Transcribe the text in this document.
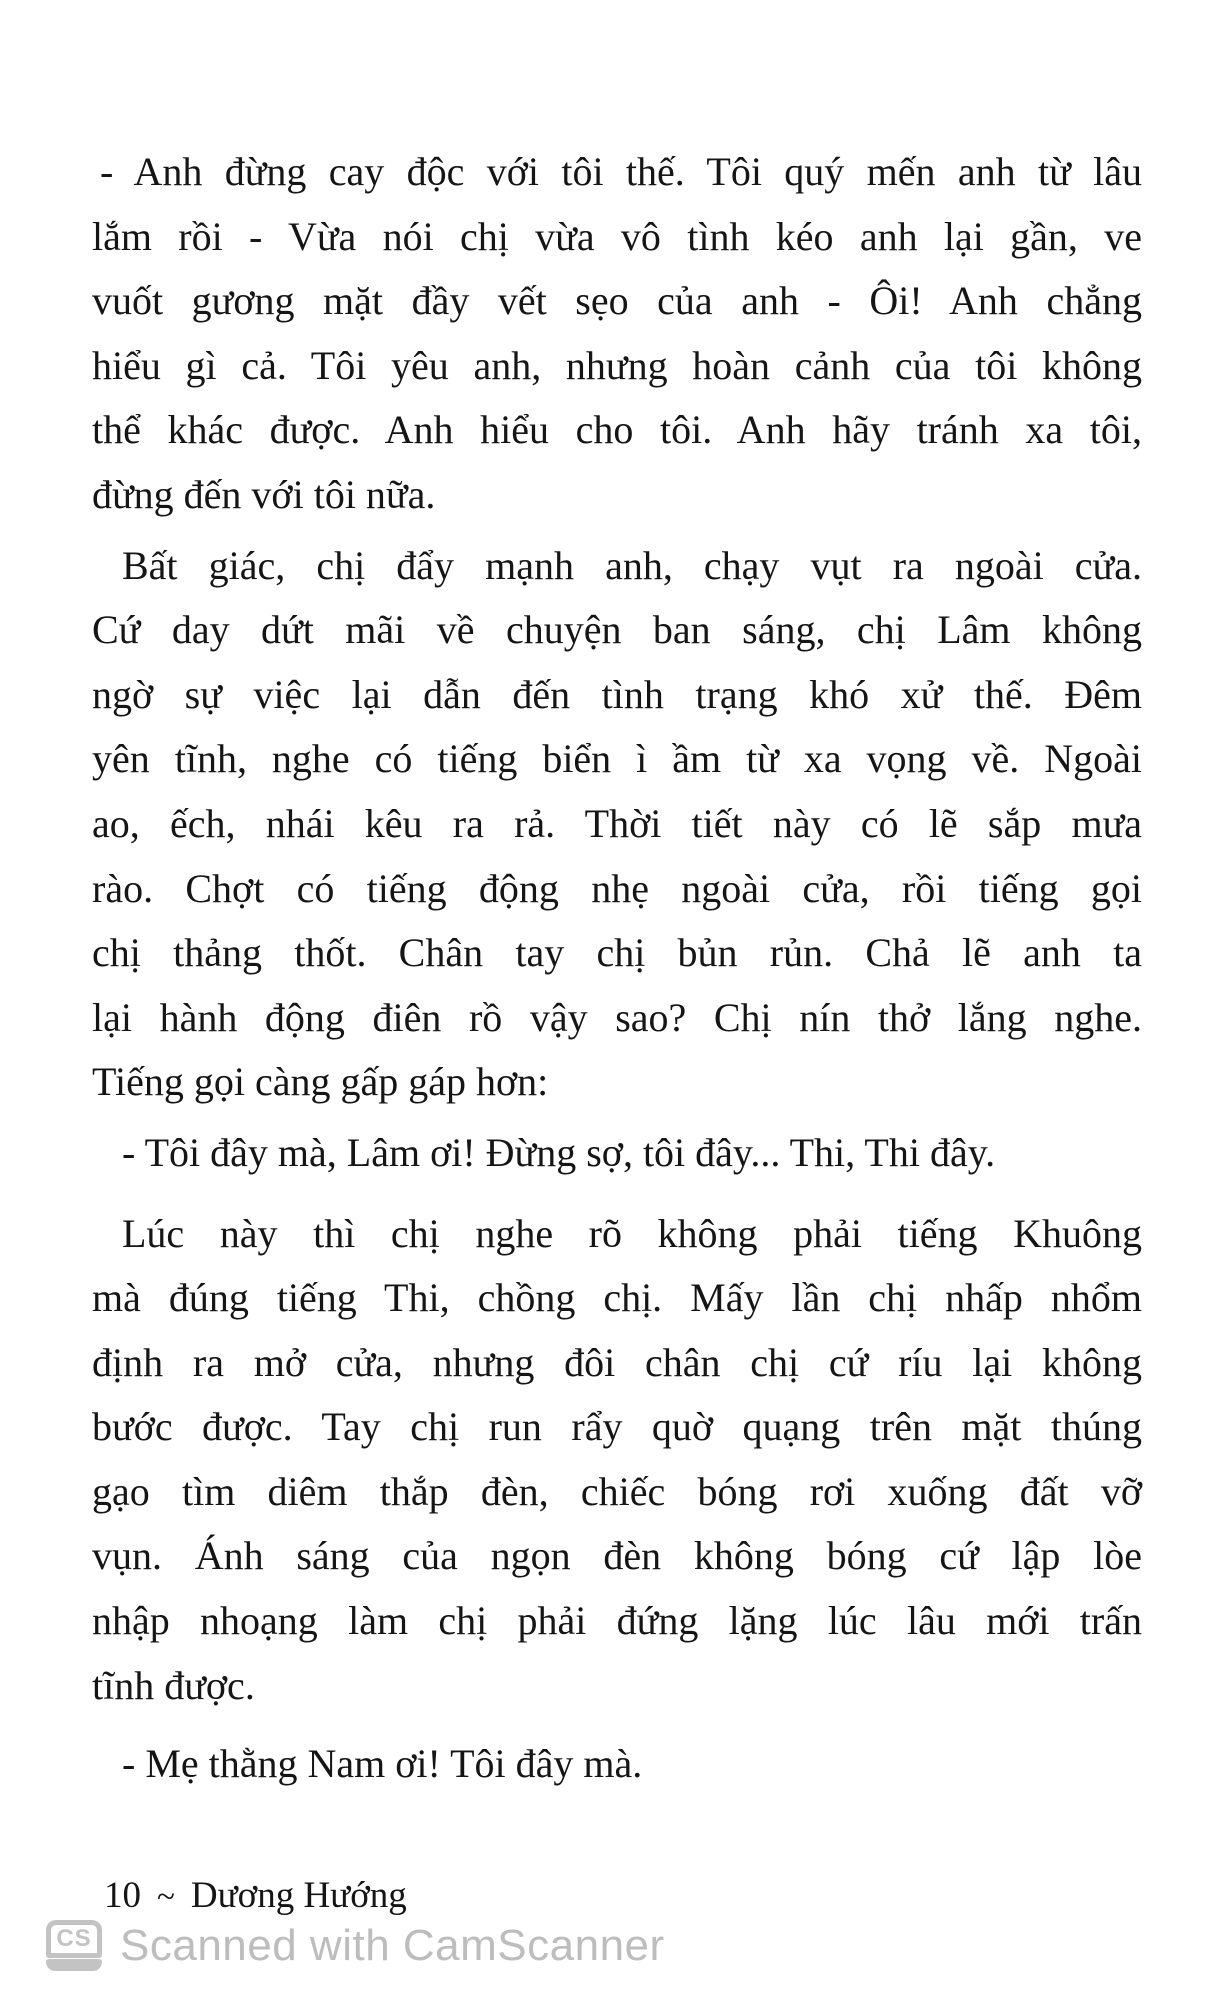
- Anh đừng cay độc với tôi thế. Tôi quý mến anh từ lâu
lắm rồi - Vừa nói chị vừa vô tình kéo anh lại gần, ve
vuốt gương mặt đầy vết sẹo của anh - Ôi! Anh chẳng
hiểu gì cả. Tôi yêu anh, nhưng hoàn cảnh của tôi không
thể khác được. Anh hiểu cho tôi. Anh hãy tránh xa tôi,
đừng đến với tôi nữa.
Bất giác, chị đẩy mạnh anh, chạy vụt ra ngoài cửa.
Cứ day dứt mãi về chuyện ban sáng, chị Lâm không
ngờ sự việc lại dẫn đến tình trạng khó xử thế. Đêm
yên tĩnh, nghe có tiếng biển ì ầm từ xa vọng về. Ngoài
ao, ếch, nhái kêu ra rả. Thời tiết này có lẽ sắp mưa
rào. Chợt có tiếng động nhẹ ngoài cửa, rồi tiếng gọi
chị thảng thốt. Chân tay chị bủn rủn. Chả lẽ anh ta
lại hành động điên rồ vậy sao? Chị nín thở lắng nghe.
Tiếng gọi càng gấp gáp hơn:
- Tôi đây mà, Lâm ơi! Đừng sợ, tôi đây... Thi, Thi đây.
Lúc này thì chị nghe rõ không phải tiếng Khuông
mà đúng tiếng Thi, chồng chị. Mấy lần chị nhấp nhổm
định ra mở cửa, nhưng đôi chân chị cứ ríu lại không
bước được. Tay chị run rẩy quờ quạng trên mặt thúng
gạo tìm diêm thắp đèn, chiếc bóng rơi xuống đất vỡ
vụn. Ánh sáng của ngọn đèn không bóng cứ lập lòe
nhập nhoạng làm chị phải đứng lặng lúc lâu mới trấn
tĩnh được.
- Mẹ thằng Nam ơi! Tôi đây mà.
10 ~ Dương Hướng
CS Scanned with CamScanner
